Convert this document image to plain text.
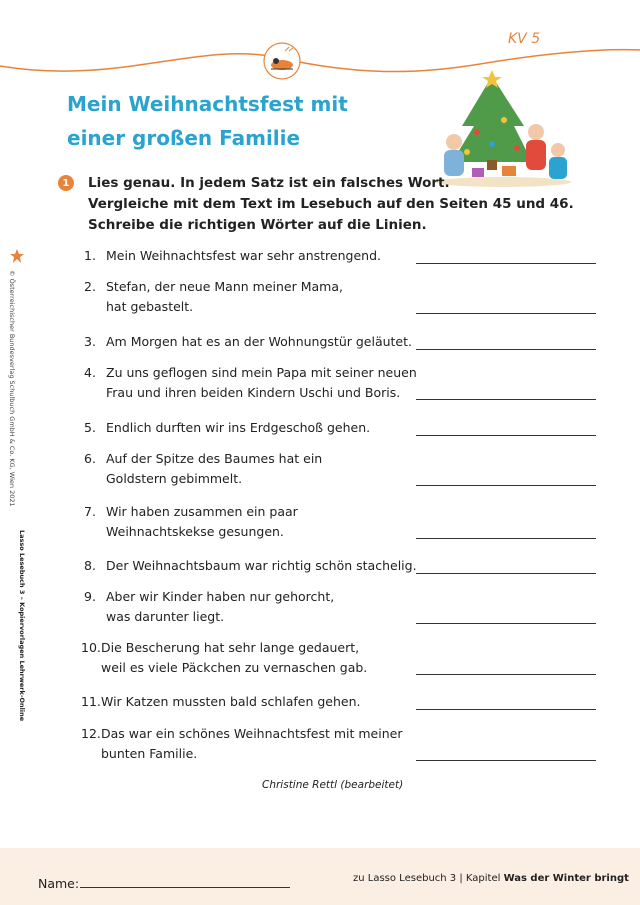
KV 5
Mein Weihnachtsfest mit
einer großen Familie
© Österreichischer Bundesverlag Schulbuch GmbH & Co. KG, Wien 2021
Lasso Lesebuch 3 – Kopiervorlagen Lehrwerk-Online
1	Lies genau. In jedem Satz ist ein falsches Wort.
Vergleiche mit dem Text im Lesebuch auf den Seiten 45 und 46.
Schreibe die richtigen Wörter auf die Linien.
1. Mein Weihnachtsfest war sehr anstrengend.
2. Stefan, der neue Mann meiner Mama,
hat gebastelt.
3. Am Morgen hat es an der Wohnungstür geläutet.
4. Zu uns geflogen sind mein Papa mit seiner neuen
Frau und ihren beiden Kindern Uschi und Boris.
5. Endlich durften wir ins Erdgeschoß gehen.
6. Auf der Spitze des Baumes hat ein
Goldstern gebimmelt.
7. Wir haben zusammen ein paar
Weihnachtskekse gesungen.
8. Der Weihnachtsbaum war richtig schön stachelig.
9. Aber wir Kinder haben nur gehorcht,
was darunter liegt.
10.Die Bescherung hat sehr lange gedauert,
weil es viele Päckchen zu vernaschen gab.
11.Wir Katzen mussten bald schlafen gehen.
12.Das war ein schönes Weihnachtsfest mit meiner
bunten Familie.
Christine Rettl (bearbeitet)
Name:	zu Lasso Lesebuch 3 | Kapitel Was der Winter bringt
